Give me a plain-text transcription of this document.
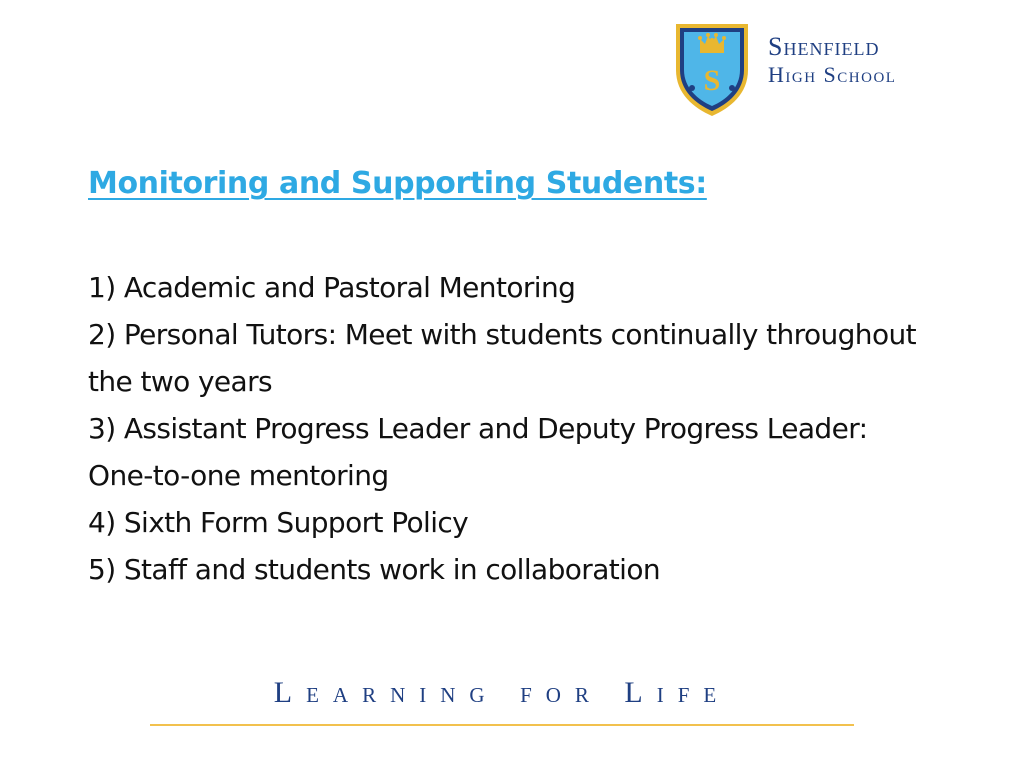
S
Shenfield
High School
Monitoring and Supporting Students:
1) Academic and Pastoral Mentoring
2) Personal Tutors: Meet with students continually throughout the two years
3) Assistant Progress Leader and Deputy Progress Leader: One-to-one mentoring
4) Sixth Form Support Policy
5) Staff and students work in collaboration
Learning for Life
